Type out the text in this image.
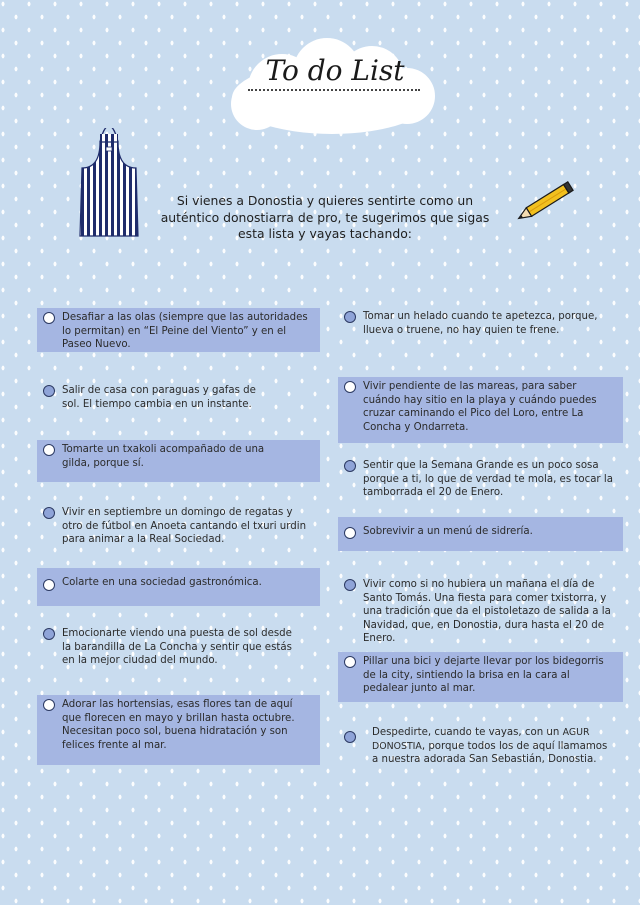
To do List
Si vienes a Donostia y quieres sentirte como un auténtico donostiarra de pro, te sugerimos que sigas esta lista y vayas tachando:
Desafiar a las olas (siempre que las autoridades lo permitan) en “El Peine del Viento” y en el Paseo Nuevo.
Salir de casa con paraguas y gafas de sol. El tiempo cambia en un instante.
Tomarte un txakoli acompañado de una gilda, porque sí.
Vivir en septiembre un domingo de regatas y otro de fútbol en Anoeta cantando el txuri urdin para animar a la Real Sociedad.
Colarte en una sociedad gastronómica.
Emocionarte viendo una puesta de sol desde la barandilla de La Concha y sentir que estás en la mejor ciudad del mundo.
Adorar las hortensias, esas flores tan de aquí que florecen en mayo y brillan hasta octubre. Necesitan poco sol, buena hidratación y son felices frente al mar.
Tomar un helado cuando te apetezca, porque, llueva o truene, no hay quien te frene.
Vivir pendiente de las mareas, para saber cuándo hay sitio en la playa y cuándo puedes cruzar caminando el Pico del Loro, entre La Concha y Ondarreta.
Sentir que la Semana Grande es un poco sosa porque a ti, lo que de verdad te mola, es tocar la tamborrada el 20 de Enero.
Sobrevivir a un menú de sidrería.
Vivir como si no hubiera un mañana el día de Santo Tomás. Una fiesta para comer txistorra, y una tradición que da el pistoletazo de salida a la Navidad, que, en Donostia, dura hasta el 20 de Enero.
Pillar una bici y dejarte llevar por los bidegorris de la city, sintiendo la brisa en la cara al pedalear junto al mar.
Despedirte, cuando te vayas, con un AGUR DONOSTIA, porque todos los de aquí llamamos a nuestra adorada San Sebastián, Donostia.
